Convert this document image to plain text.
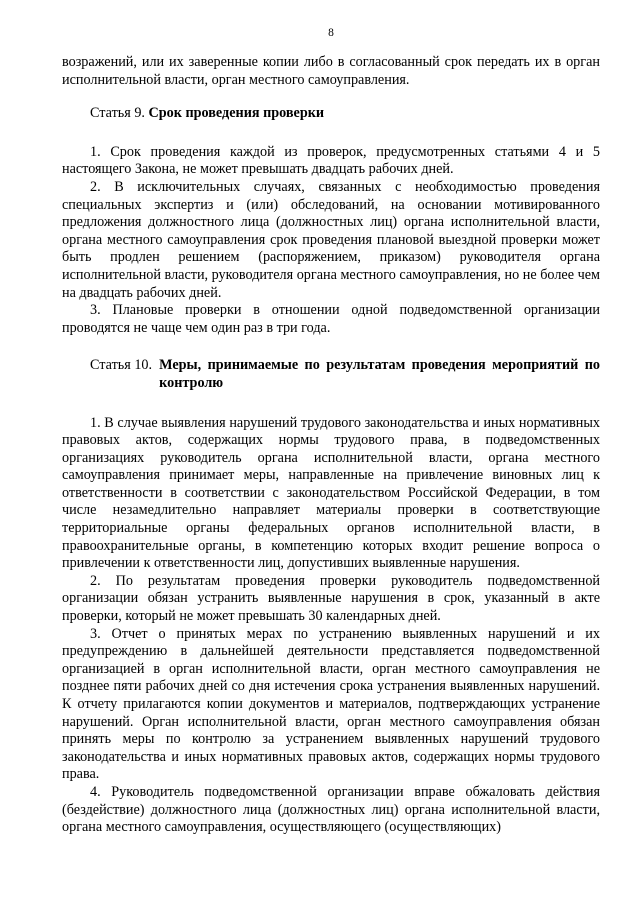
8

возражений, или их заверенные копии либо в согласованный срок передать их в орган исполнительной власти, орган местного самоуправления.

Статья 9. Срок проведения проверки

1. Срок проведения каждой из проверок, предусмотренных статьями 4 и 5 настоящего Закона, не может превышать двадцать рабочих дней.

2. В исключительных случаях, связанных с необходимостью проведения специальных экспертиз и (или) обследований, на основании мотивированного предложения должностного лица (должностных лиц) органа исполнительной власти, органа местного самоуправления срок проведения плановой выездной проверки может быть продлен решением (распоряжением, приказом) руководителя органа исполнительной власти, руководителя органа местного самоуправления, но не более чем на двадцать рабочих дней.

3. Плановые проверки в отношении одной подведомственной организации проводятся не чаще чем один раз в три года.

Статья 10. Меры, принимаемые по результатам проведения мероприятий по контролю

1. В случае выявления нарушений трудового законодательства и иных нормативных правовых актов, содержащих нормы трудового права, в подведомственных организациях руководитель органа исполнительной власти, органа местного самоуправления принимает меры, направленные на привлечение виновных лиц к ответственности в соответствии с законодательством Российской Федерации, в том числе незамедлительно направляет материалы проверки в соответствующие территориальные органы федеральных органов исполнительной власти, в правоохранительные органы, в компетенцию которых входит решение вопроса о привлечении к ответственности лиц, допустивших выявленные нарушения.

2. По результатам проведения проверки руководитель подведомственной организации обязан устранить выявленные нарушения в срок, указанный в акте проверки, который не может превышать 30 календарных дней.

3. Отчет о принятых мерах по устранению выявленных нарушений и их предупреждению в дальнейшей деятельности представляется подведомственной организацией в орган исполнительной власти, орган местного самоуправления не позднее пяти рабочих дней со дня истечения срока устранения выявленных нарушений. К отчету прилагаются копии документов и материалов, подтверждающих устранение нарушений. Орган исполнительной власти, орган местного самоуправления обязан принять меры по контролю за устранением выявленных нарушений трудового законодательства и иных нормативных правовых актов, содержащих нормы трудового права.

4. Руководитель подведомственной организации вправе обжаловать действия (бездействие) должностного лица (должностных лиц) органа исполнительной власти, органа местного самоуправления, осуществляющего (осуществляющих)
